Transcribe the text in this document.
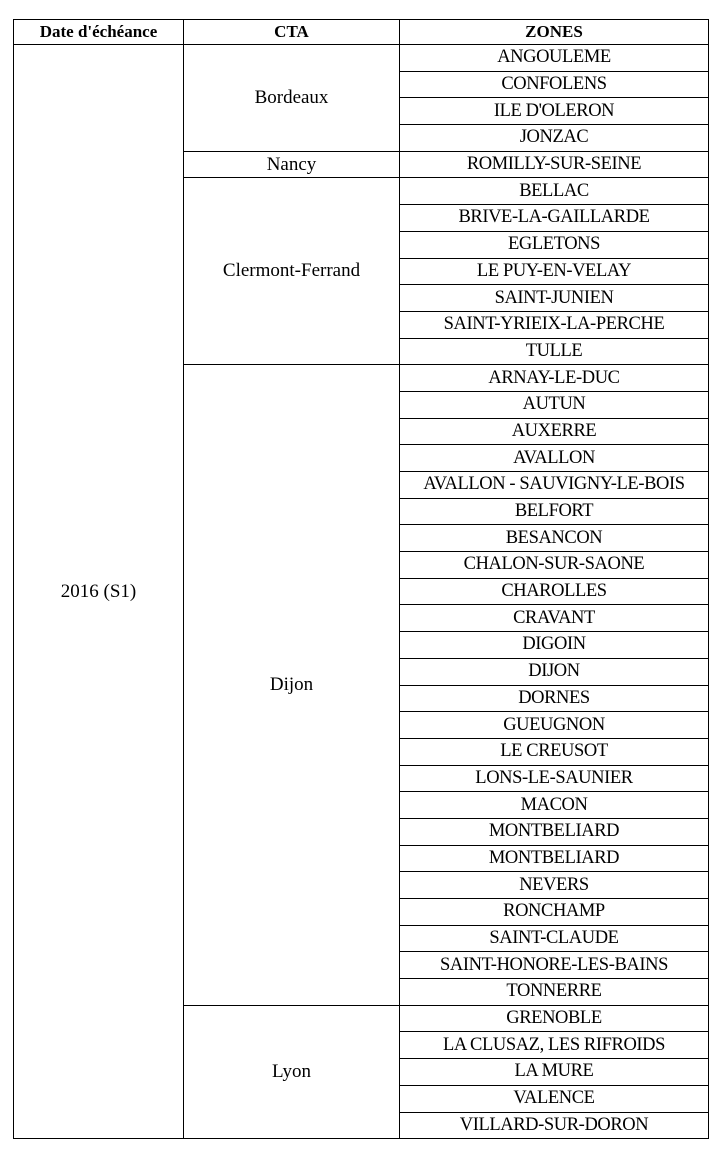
Date d'échéance	CTA	ZONES
2016 (S1)	Bordeaux	ANGOULEME
		CONFOLENS
		ILE D'OLERON
		JONZAC
	Nancy	ROMILLY-SUR-SEINE
	Clermont-Ferrand	BELLAC
		BRIVE-LA-GAILLARDE
		EGLETONS
		LE PUY-EN-VELAY
		SAINT-JUNIEN
		SAINT-YRIEIX-LA-PERCHE
		TULLE
	Dijon	ARNAY-LE-DUC
		AUTUN
		AUXERRE
		AVALLON
		AVALLON - SAUVIGNY-LE-BOIS
		BELFORT
		BESANCON
		CHALON-SUR-SAONE
		CHAROLLES
		CRAVANT
		DIGOIN
		DIJON
		DORNES
		GUEUGNON
		LE CREUSOT
		LONS-LE-SAUNIER
		MACON
		MONTBELIARD
		MONTBELIARD
		NEVERS
		RONCHAMP
		SAINT-CLAUDE
		SAINT-HONORE-LES-BAINS
		TONNERRE
	Lyon	GRENOBLE
		LA CLUSAZ, LES RIFROIDS
		LA MURE
		VALENCE
		VILLARD-SUR-DORON
